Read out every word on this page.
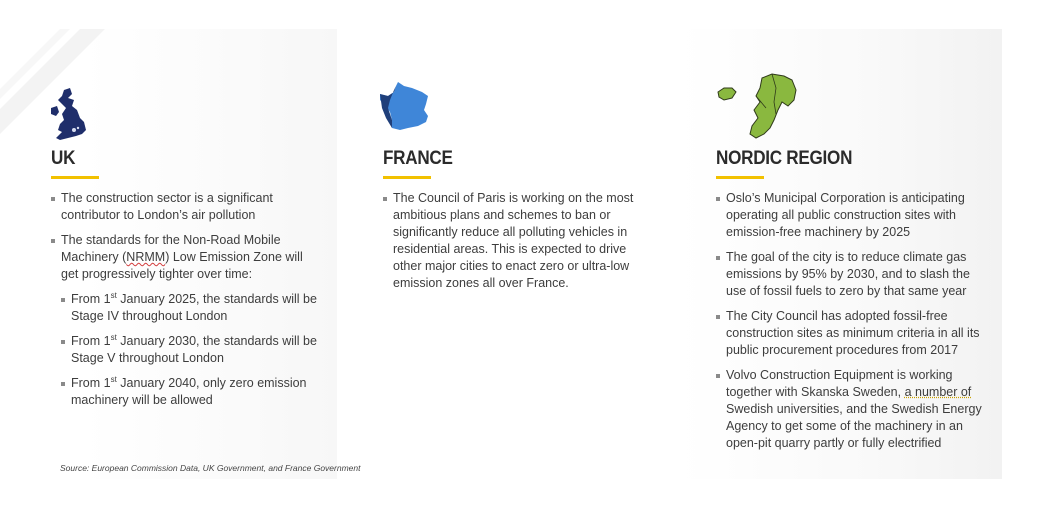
UK
The construction sector is a significant contributor to London’s air pollution
The standards for the Non-Road Mobile Machinery (NRMM) Low Emission Zone will get progressively tighter over time:
From 1st January 2025, the standards will be Stage IV throughout London
From 1st January 2030, the standards will be Stage V throughout London
From 1st January 2040, only zero emission machinery will be allowed
Source: European Commission Data, UK Government, and France Government
FRANCE
The Council of Paris is working on the most ambitious plans and schemes to ban or significantly reduce all polluting vehicles in residential areas. This is expected to drive other major cities to enact zero or ultra-low emission zones all over France.
NORDIC REGION
Oslo’s Municipal Corporation is anticipating operating all public construction sites with emission-free machinery by 2025
The goal of the city is to reduce climate gas emissions by 95% by 2030, and to slash the use of fossil fuels to zero by that same year
The City Council has adopted fossil-free construction sites as minimum criteria in all its public procurement procedures from 2017
Volvo Construction Equipment is working together with Skanska Sweden, a number of Swedish universities, and the Swedish Energy Agency to get some of the machinery in an open-pit quarry partly or fully electrified
